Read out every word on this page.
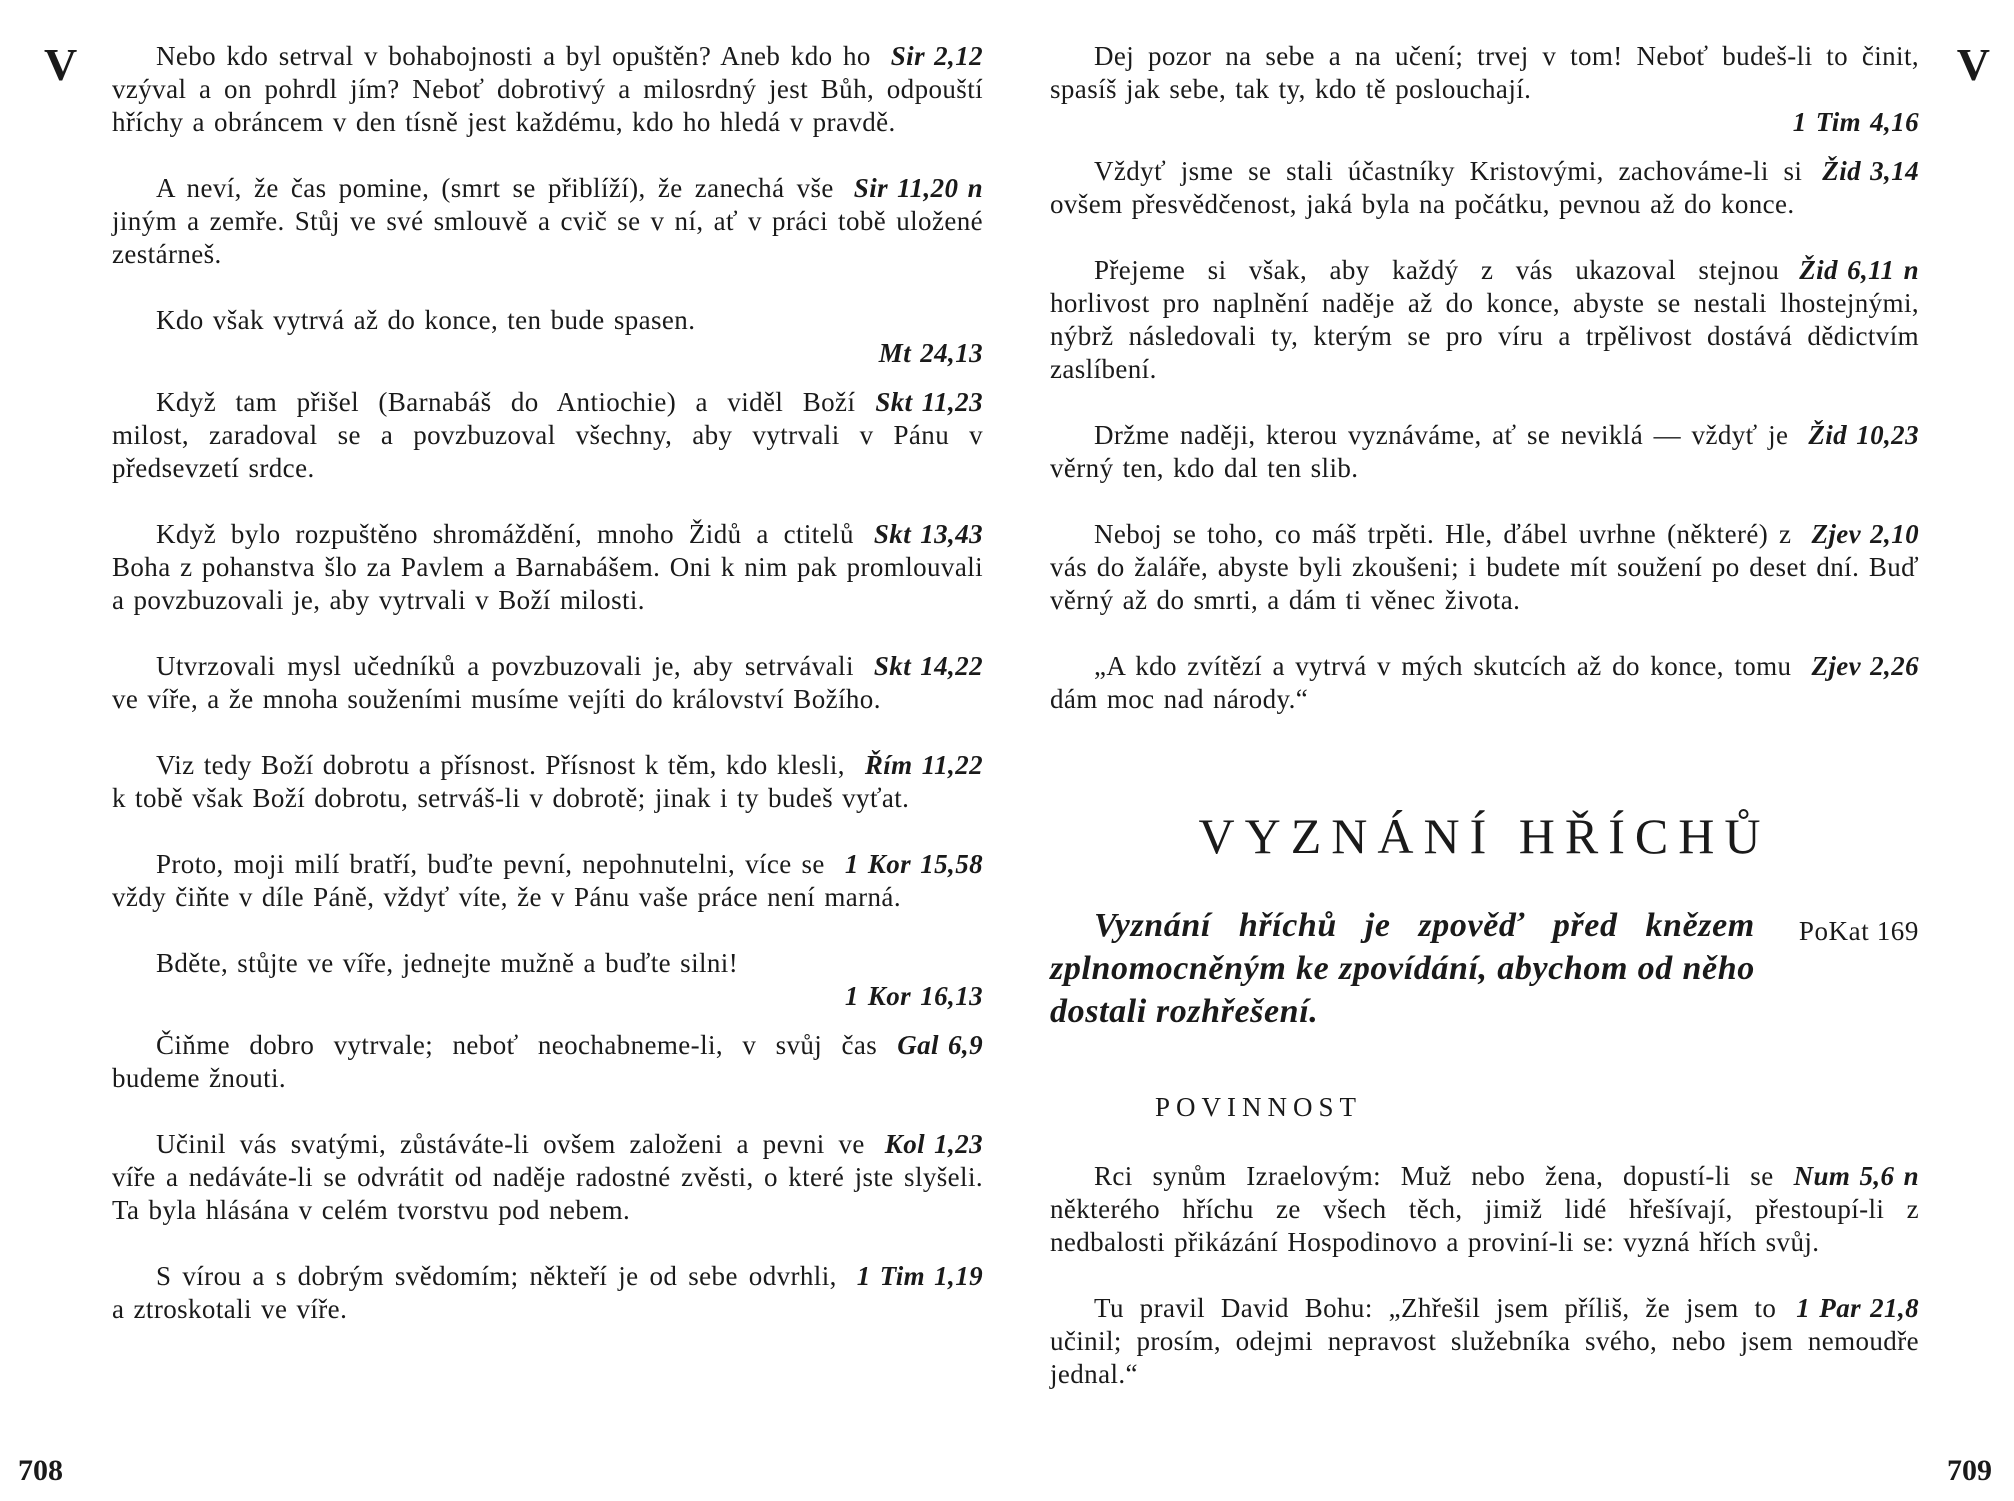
V	Sir 2,12
Nebo kdo setrval v bohabojnosti a byl opuštěn? Aneb kdo ho vzýval a on pohrdl jím? Neboť dobrotivý a milosrdný jest Bůh, odpouští hříchy a obráncem v den tísně jest každému, kdo ho hledá v pravdě.
Sir 11,20 n
A neví, že čas pomine, (smrt se přiblíží), že zanechá vše jiným a zemře. Stůj ve své smlouvě a cvič se v ní, ať v práci tobě uložené zestárneš.
Kdo však vytrvá až do konce, ten bude spasen.
Mt 24,13
Skt 11,23
Když tam přišel (Barnabáš do Antiochie) a viděl Boží milost, zaradoval se a povzbuzoval všechny, aby vytrvali v Pánu v předsevzetí srdce.
Skt 13,43
Když bylo rozpuštěno shromáždění, mnoho Židů a ctitelů Boha z pohanstva šlo za Pavlem a Barnabášem. Oni k nim pak promlouvali a povzbuzovali je, aby vytrvali v Boží milosti.
Skt 14,22
Utvrzovali mysl učedníků a povzbuzovali je, aby setrvávali ve víře, a že mnoha souženími musíme vejíti do království Božího.
Řím 11,22
Viz tedy Boží dobrotu a přísnost. Přísnost k těm, kdo klesli, k tobě však Boží dobrotu, setrváš-li v dobrotě; jinak i ty budeš vyťat.
1 Kor 15,58
Proto, moji milí bratří, buďte pevní, nepohnutelni, více se vždy čiňte v díle Páně, vždyť víte, že v Pánu vaše práce není marná.
Bděte, stůjte ve víře, jednejte mužně a buďte silni!
1 Kor 16,13
Gal 6,9
Čiňme dobro vytrvale; neboť neochabneme-li, v svůj čas budeme žnouti.
Kol 1,23
Učinil vás svatými, zůstáváte-li ovšem založeni a pevni ve víře a nedáváte-li se odvrátit od naděje radostné zvěsti, o které jste slyšeli. Ta byla hlásána v celém tvorstvu pod nebem.
1 Tim 1,19
S vírou a s dobrým svědomím; někteří je od sebe odvrhli, a ztroskotali ve víře.
708
V
Dej pozor na sebe a na učení; trvej v tom! Neboť budeš-li to činit, spasíš jak sebe, tak ty, kdo tě poslouchají.
1 Tim 4,16
Žid 3,14
Vždyť jsme se stali účastníky Kristovými, zachováme-li si ovšem přesvědčenost, jaká byla na počátku, pevnou až do konce.
Žid 6,11 n
Přejeme si však, aby každý z vás ukazoval stejnou horlivost pro naplnění naděje až do konce, abyste se nestali lhostejnými, nýbrž následovali ty, kterým se pro víru a trpělivost dostává dědictvím zaslíbení.
Žid 10,23
Držme naději, kterou vyznáváme, ať se neviklá — vždyť je věrný ten, kdo dal ten slib.
Zjev 2,10
Neboj se toho, co máš trpěti. Hle, ďábel uvrhne (některé) z vás do žaláře, abyste byli zkoušeni; i budete mít soužení po deset dní. Buď věrný až do smrti, a dám ti věnec života.
Zjev 2,26
„A kdo zvítězí a vytrvá v mých skutcích až do konce, tomu dám moc nad národy.“
VYZNÁNÍ HŘÍCHŮ
PoKat 169
Vyznání hříchů je zpověď před knězem zplnomocněným ke zpovídání, abychom od něho dostali rozhřešení.
POVINNOST
Num 5,6 n
Rci synům Izraelovým: Muž nebo žena, dopustí-li se některého hříchu ze všech těch, jimiž lidé hřešívají, přestoupí-li z nedbalosti přikázání Hospodinovo a proviní-li se: vyzná hřích svůj.
1 Par 21,8
Tu pravil David Bohu: „Zhřešil jsem příliš, že jsem to učinil; prosím, odejmi nepravost služebníka svého, nebo jsem nemoudře jednal.“
709
